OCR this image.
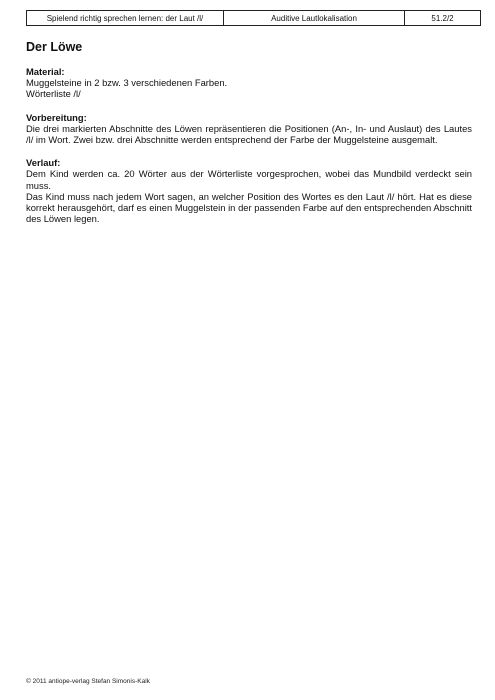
Spielend richtig sprechen lernen: der Laut /l/	Auditive Lautlokalisation	51.2/2
Der Löwe
Material:

Muggelsteine in 2 bzw. 3 verschiedenen Farben.

Wörterliste /l/

Vorbereitung:

Die drei markierten Abschnitte des Löwen repräsentieren die Positionen (An-, In- und Auslaut) des Lautes /l/ im Wort. Zwei bzw. drei Abschnitte werden entsprechend der Farbe der Muggelsteine ausgemalt.

Verlauf:

Dem Kind werden ca. 20 Wörter aus der Wörterliste vorgesprochen, wobei das Mundbild verdeckt sein muss.

Das Kind muss nach jedem Wort sagen, an welcher Position des Wortes es den Laut /l/ hört. Hat es diese korrekt herausgehört, darf es einen Muggelstein in der passenden Farbe auf den entsprechenden Abschnitt des Löwen legen.

© 2011 antiope-verlag Stefan Simonis-Kalk
